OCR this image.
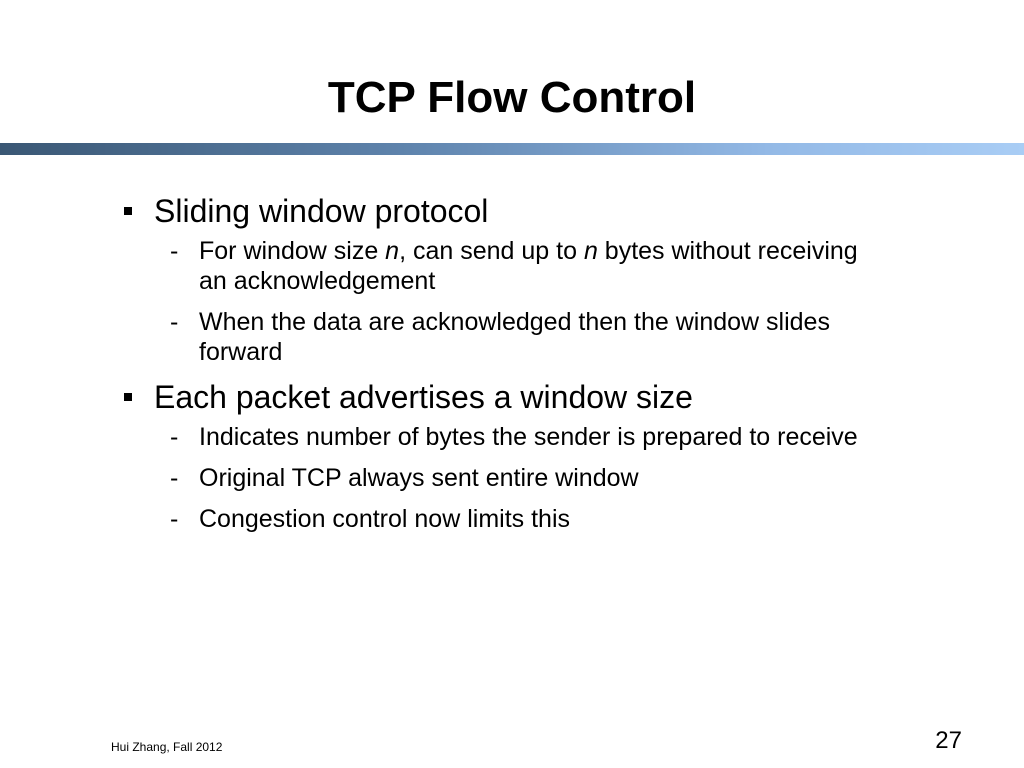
TCP Flow Control
Sliding window protocol
- For window size n, can send up to n bytes without receiving an acknowledgement
- When the data are acknowledged then the window slides forward
Each packet advertises a window size
- Indicates number of bytes the sender is prepared to receive
- Original TCP always sent entire window
- Congestion control now limits this
Hui Zhang, Fall 2012	27
